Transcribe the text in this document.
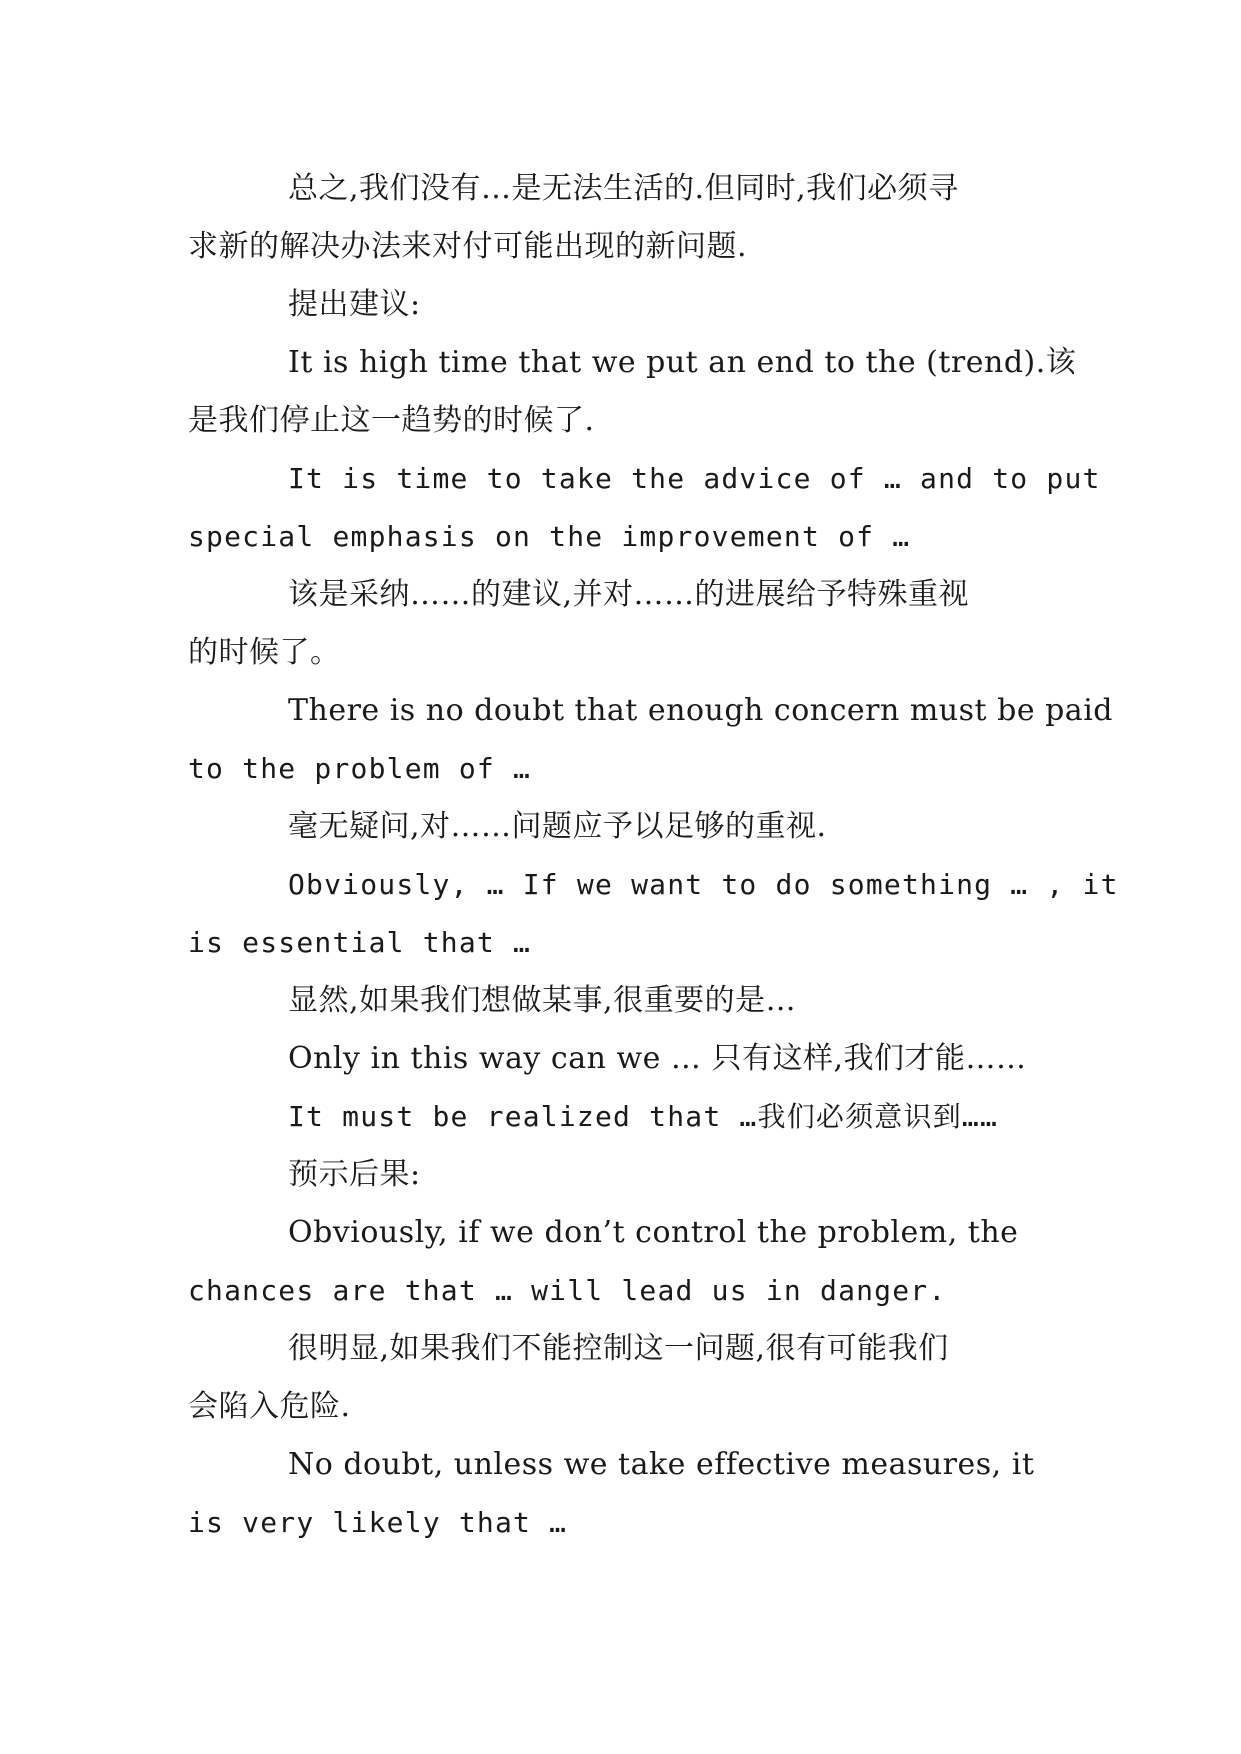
总之,我们没有…是无法生活的.但同时,我们必须寻
求新的解决办法来对付可能出现的新问题.
提出建议:
It is high time that we put an end to the (trend).该
是我们停止这一趋势的时候了.
It is time to take the advice of … and to put
special emphasis on the improvement of …
该是采纳……的建议,并对……的进展给予特殊重视
的时候了。
There is no doubt that enough concern must be paid
to the problem of …
毫无疑问,对……问题应予以足够的重视.
Obviously, … If we want to do something … , it
is essential that …
显然,如果我们想做某事,很重要的是…
Only in this way can we … 只有这样,我们才能……
It must be realized that …我们必须意识到……
预示后果:
Obviously, if we don’t control the problem, the
chances are that … will lead us in danger.
很明显,如果我们不能控制这一问题,很有可能我们
会陷入危险.
No doubt, unless we take effective measures, it
is very likely that …
